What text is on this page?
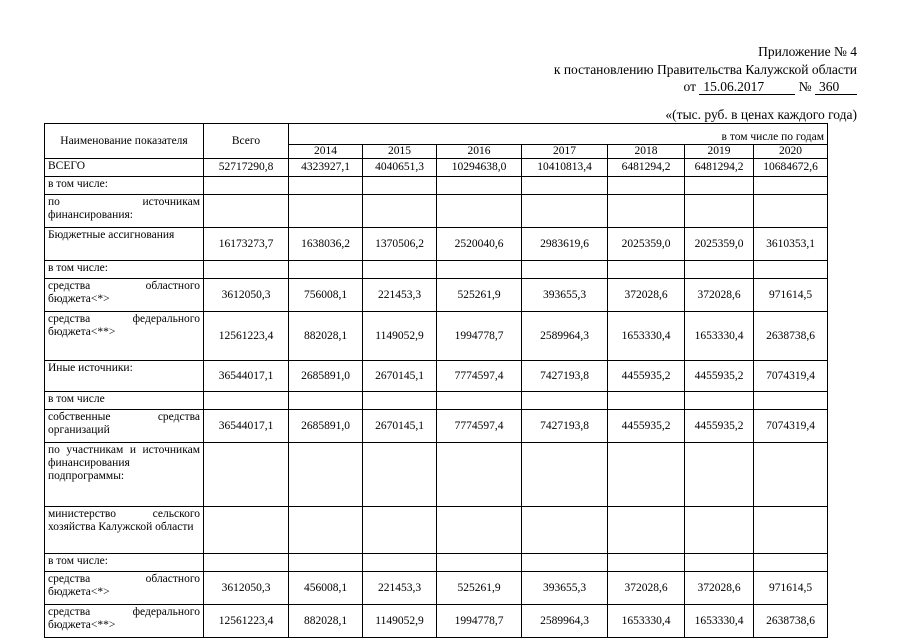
Приложение № 4
к постановлению Правительства Калужской области
от 15.06.2017	№ 360
«(тыс. руб. в ценах каждого года)
Наименование показателя	Всего							
		в том числе по годам						
		2014	2015	2016	2017	2018	2019	2020
ВСЕГО	52717290,8	4323927,1	4040651,3	10294638,0	10410813,4	6481294,2	6481294,2	10684672,6
в том числе:								
по источникам финансирования:								
Бюджетные ассигнования	16173273,7	1638036,2	1370506,2	2520040,6	2983619,6	2025359,0	2025359,0	3610353,1
в том числе:								
средства областного бюджета<*>	3612050,3	756008,1	221453,3	525261,9	393655,3	372028,6	372028,6	971614,5
средства федерального бюджета<**>	12561223,4	882028,1	1149052,9	1994778,7	2589964,3	1653330,4	1653330,4	2638738,6
Иные источники:	36544017,1	2685891,0	2670145,1	7774597,4	7427193,8	4455935,2	4455935,2	7074319,4
в том числе								
собственные средства организаций	36544017,1	2685891,0	2670145,1	7774597,4	7427193,8	4455935,2	4455935,2	7074319,4
по участникам и источникам финансирования подпрограммы:								
министерство сельского хозяйства Калужской области								
в том числе:								
средства областного бюджета<*>	3612050,3	456008,1	221453,3	525261,9	393655,3	372028,6	372028,6	971614,5
средства федерального бюджета<**>	12561223,4	882028,1	1149052,9	1994778,7	2589964,3	1653330,4	1653330,4	2638738,6
